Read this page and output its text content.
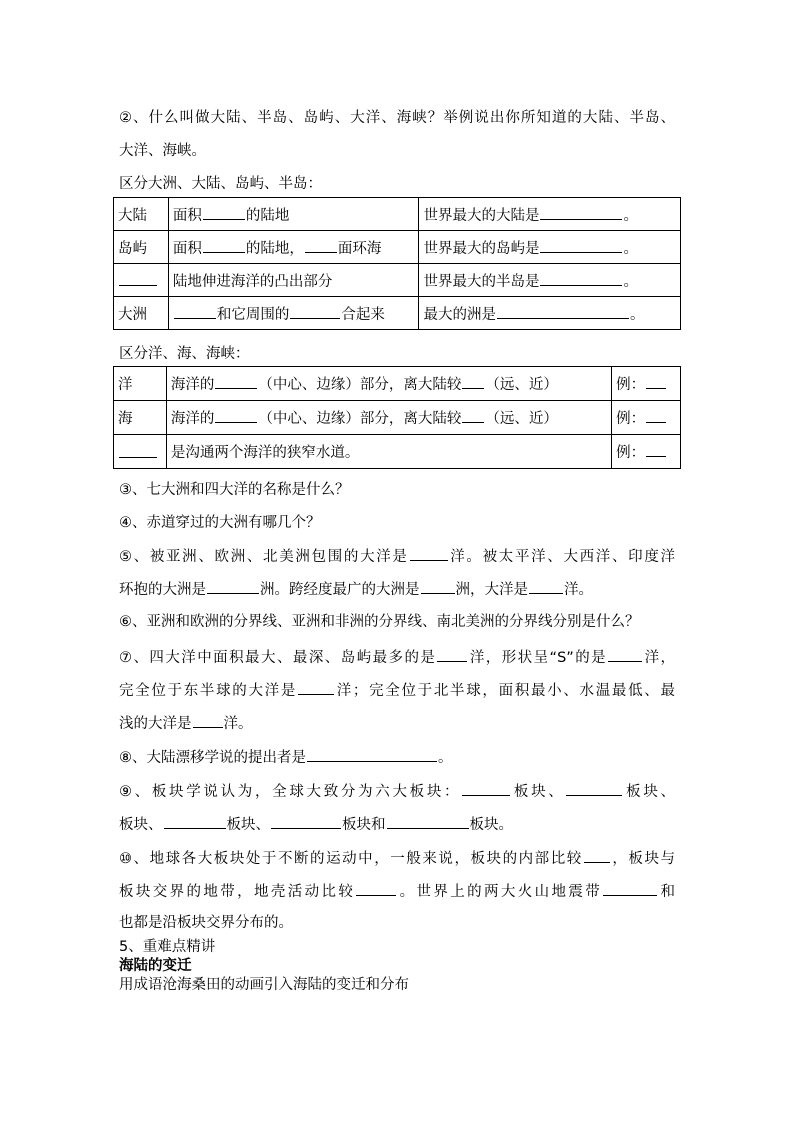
②、什么叫做大陆、半岛、岛屿、大洋、海峡？举例说出你所知道的大陆、半岛、
大洋、海峡。
区分大洲、大陆、岛屿、半岛：
大陆	面积 的陆地	世界最大的大陆是 。
岛屿	面积 的陆地， 面环海	世界最大的岛屿是 。
	陆地伸进海洋的凸出部分	世界最大的半岛是 。
大洲	和它周围的 合起来	最大的洲是 。
区分洋、海、海峡：
洋	海洋的 （中心、边缘）部分，离大陆较 （远、近）	例：
海	海洋的 （中心、边缘）部分，离大陆较 （远、近）	例：
	是沟通两个海洋的狭窄水道。	例：
③、七大洲和四大洋的名称是什么？
④、赤道穿过的大洲有哪几个？
⑤、被亚洲、欧洲、北美洲包围的大洋是	洋。被太平洋、大西洋、印度洋
环抱的大洲是	洲。跨经度最广的大洲是 洲，大洋是 洋。
⑥、亚洲和欧洲的分界线、亚洲和非洲的分界线、南北美洲的分界线分别是什么？
⑦、四大洋中面积最大、最深、岛屿最多的是 洋，形状呈“S”的是 洋，
完全位于东半球的大洋是	洋；完全位于北半球，面积最小、水温最低、最
浅的大洋是 洋。
⑧、大陆漂移学说的提出者是	。
⑨、板块学说认为，全球大致分为六大板块：	板块、	板块、
板块、	板块、	板块和	板块。
⑩、地球各大板块处于不断的运动中，一般来说，板块的内部比较 ，板块与
板块交界的地带，地壳活动比较	。世界上的两大火山地震带	和
也都是沿板块交界分布的。
5、重难点精讲
海陆的变迁
用成语沧海桑田的动画引入海陆的变迁和分布
